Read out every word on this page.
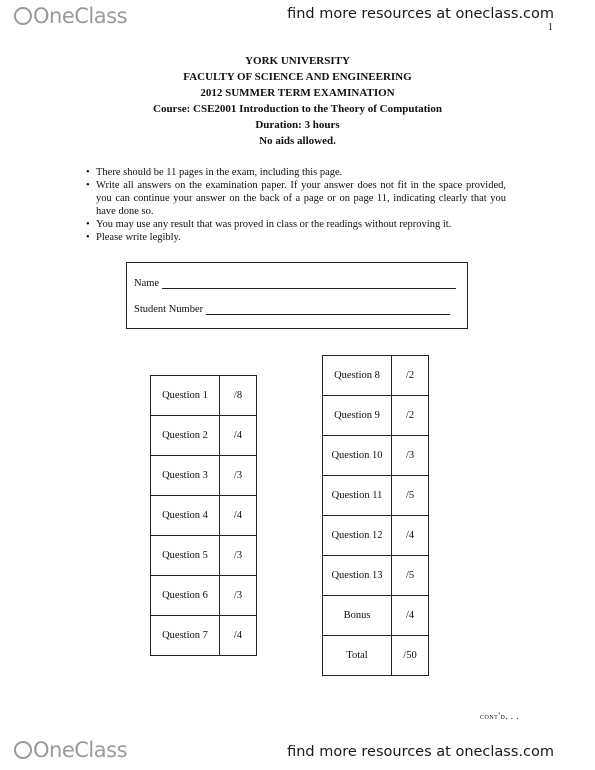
OneClass	find more resources at oneclass.com
1
YORK UNIVERSITY
FACULTY OF SCIENCE AND ENGINEERING
2012 SUMMER TERM EXAMINATION
Course: CSE2001 Introduction to the Theory of Computation
Duration: 3 hours
No aids allowed.
• There should be 11 pages in the exam, including this page.
• Write all answers on the examination paper. If your answer does not fit in the space provided, you can continue your answer on the back of a page or on page 11, indicating clearly that you have done so.
• You may use any result that was proved in class or the readings without reproving it.
• Please write legibly.
Name
Student Number
Question 1	/8
Question 2	/4
Question 3	/3
Question 4	/4
Question 5	/3
Question 6	/3
Question 7	/4
Question 8	/2
Question 9	/2
Question 10	/3
Question 11	/5
Question 12	/4
Question 13	/5
Bonus	/4
Total	/50
cont'd. . .
OneClass	find more resources at oneclass.com
